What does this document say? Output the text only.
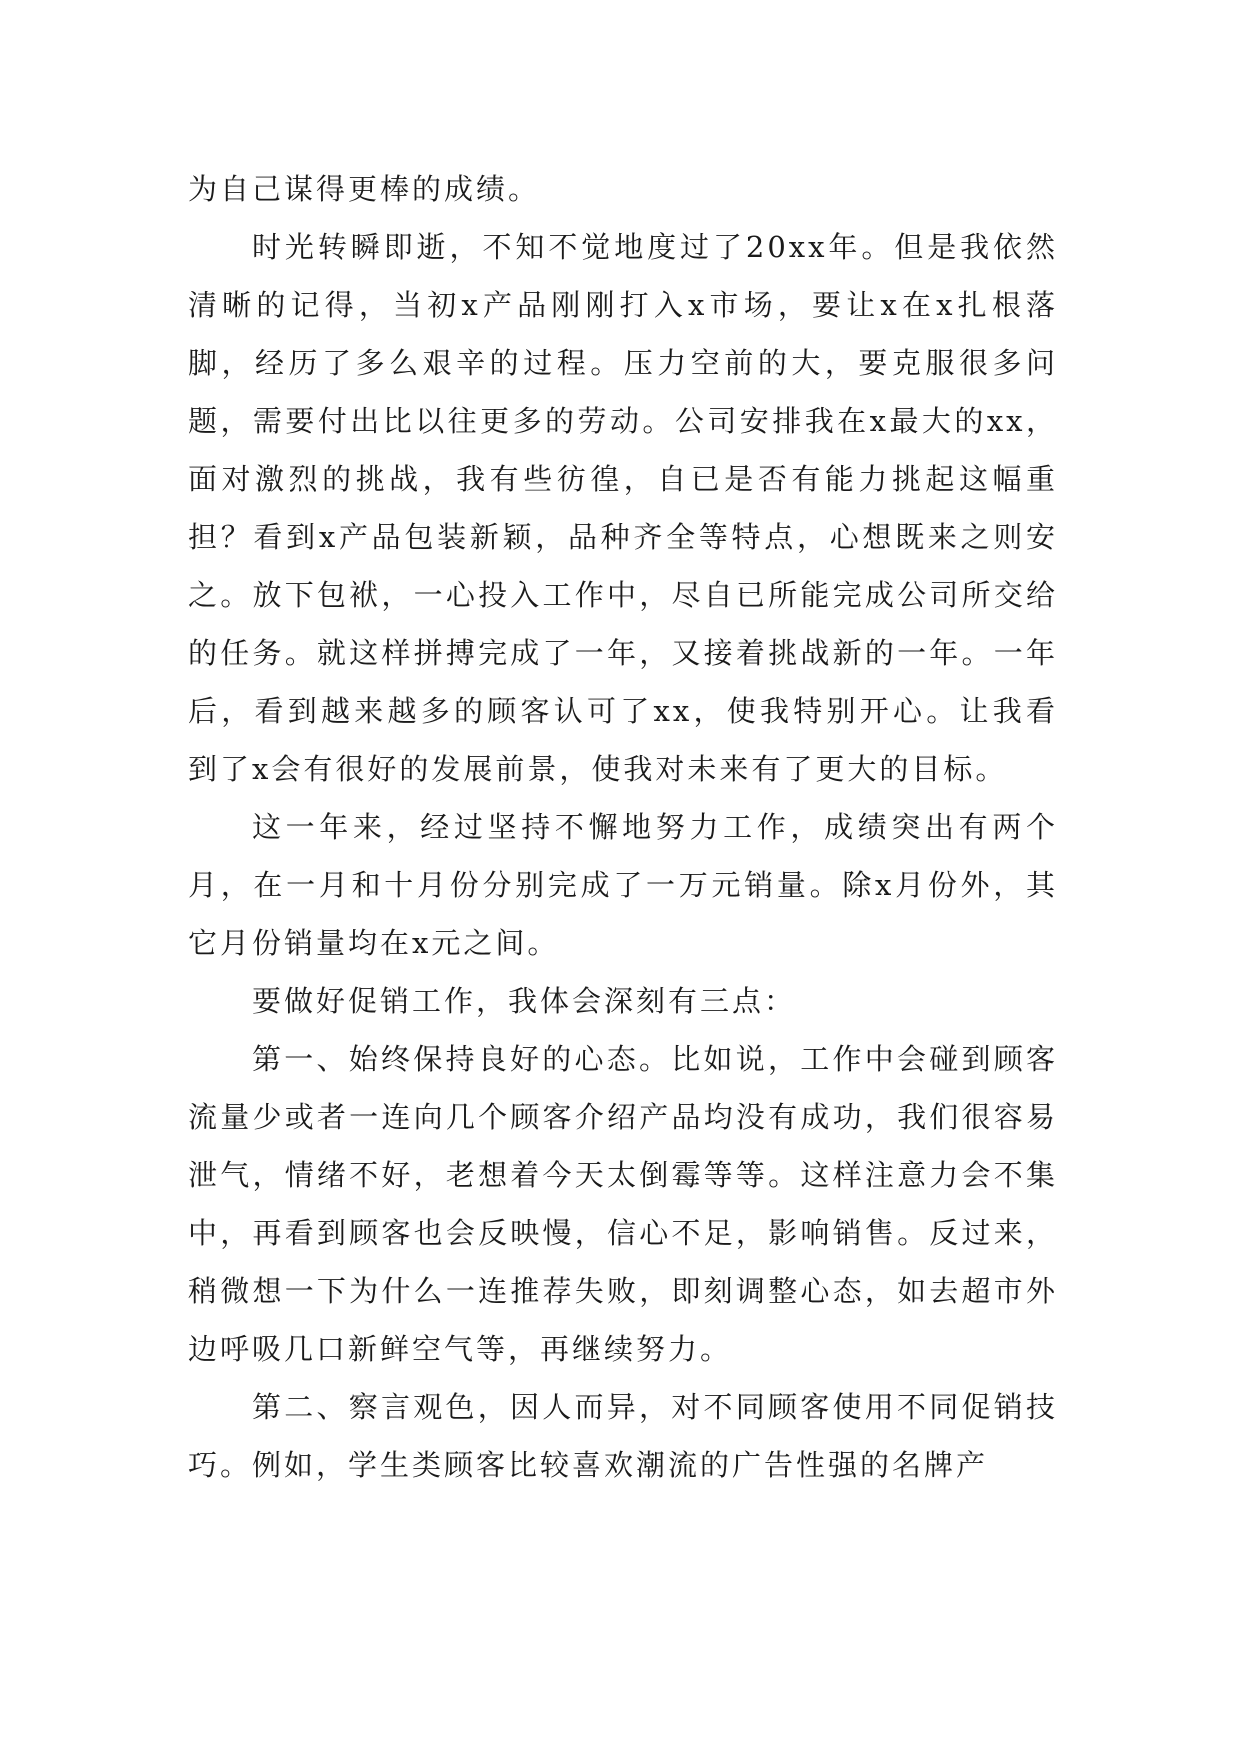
为自己谋得更棒的成绩。

时光转瞬即逝，不知不觉地度过了20xx年。但是我依然清晰的记得，当初x产品刚刚打入x市场，要让x在x扎根落脚，经历了多么艰辛的过程。压力空前的大，要克服很多问题，需要付出比以往更多的劳动。公司安排我在x最大的xx，面对激烈的挑战，我有些彷徨，自已是否有能力挑起这幅重担？看到x产品包装新颖，品种齐全等特点，心想既来之则安之。放下包袱，一心投入工作中，尽自已所能完成公司所交给的任务。就这样拼搏完成了一年，又接着挑战新的一年。一年后，看到越来越多的顾客认可了xx，使我特别开心。让我看到了x会有很好的发展前景，使我对未来有了更大的目标。

这一年来，经过坚持不懈地努力工作，成绩突出有两个月，在一月和十月份分别完成了一万元销量。除x月份外，其它月份销量均在x元之间。

要做好促销工作，我体会深刻有三点：

第一、始终保持良好的心态。比如说，工作中会碰到顾客流量少或者一连向几个顾客介绍产品均没有成功，我们很容易泄气，情绪不好，老想着今天太倒霉等等。这样注意力会不集中，再看到顾客也会反映慢，信心不足，影响销售。反过来，稍微想一下为什么一连推荐失败，即刻调整心态，如去超市外边呼吸几口新鲜空气等，再继续努力。

第二、察言观色，因人而异，对不同顾客使用不同促销技巧。例如，学生类顾客比较喜欢潮流的广告性强的名牌产
